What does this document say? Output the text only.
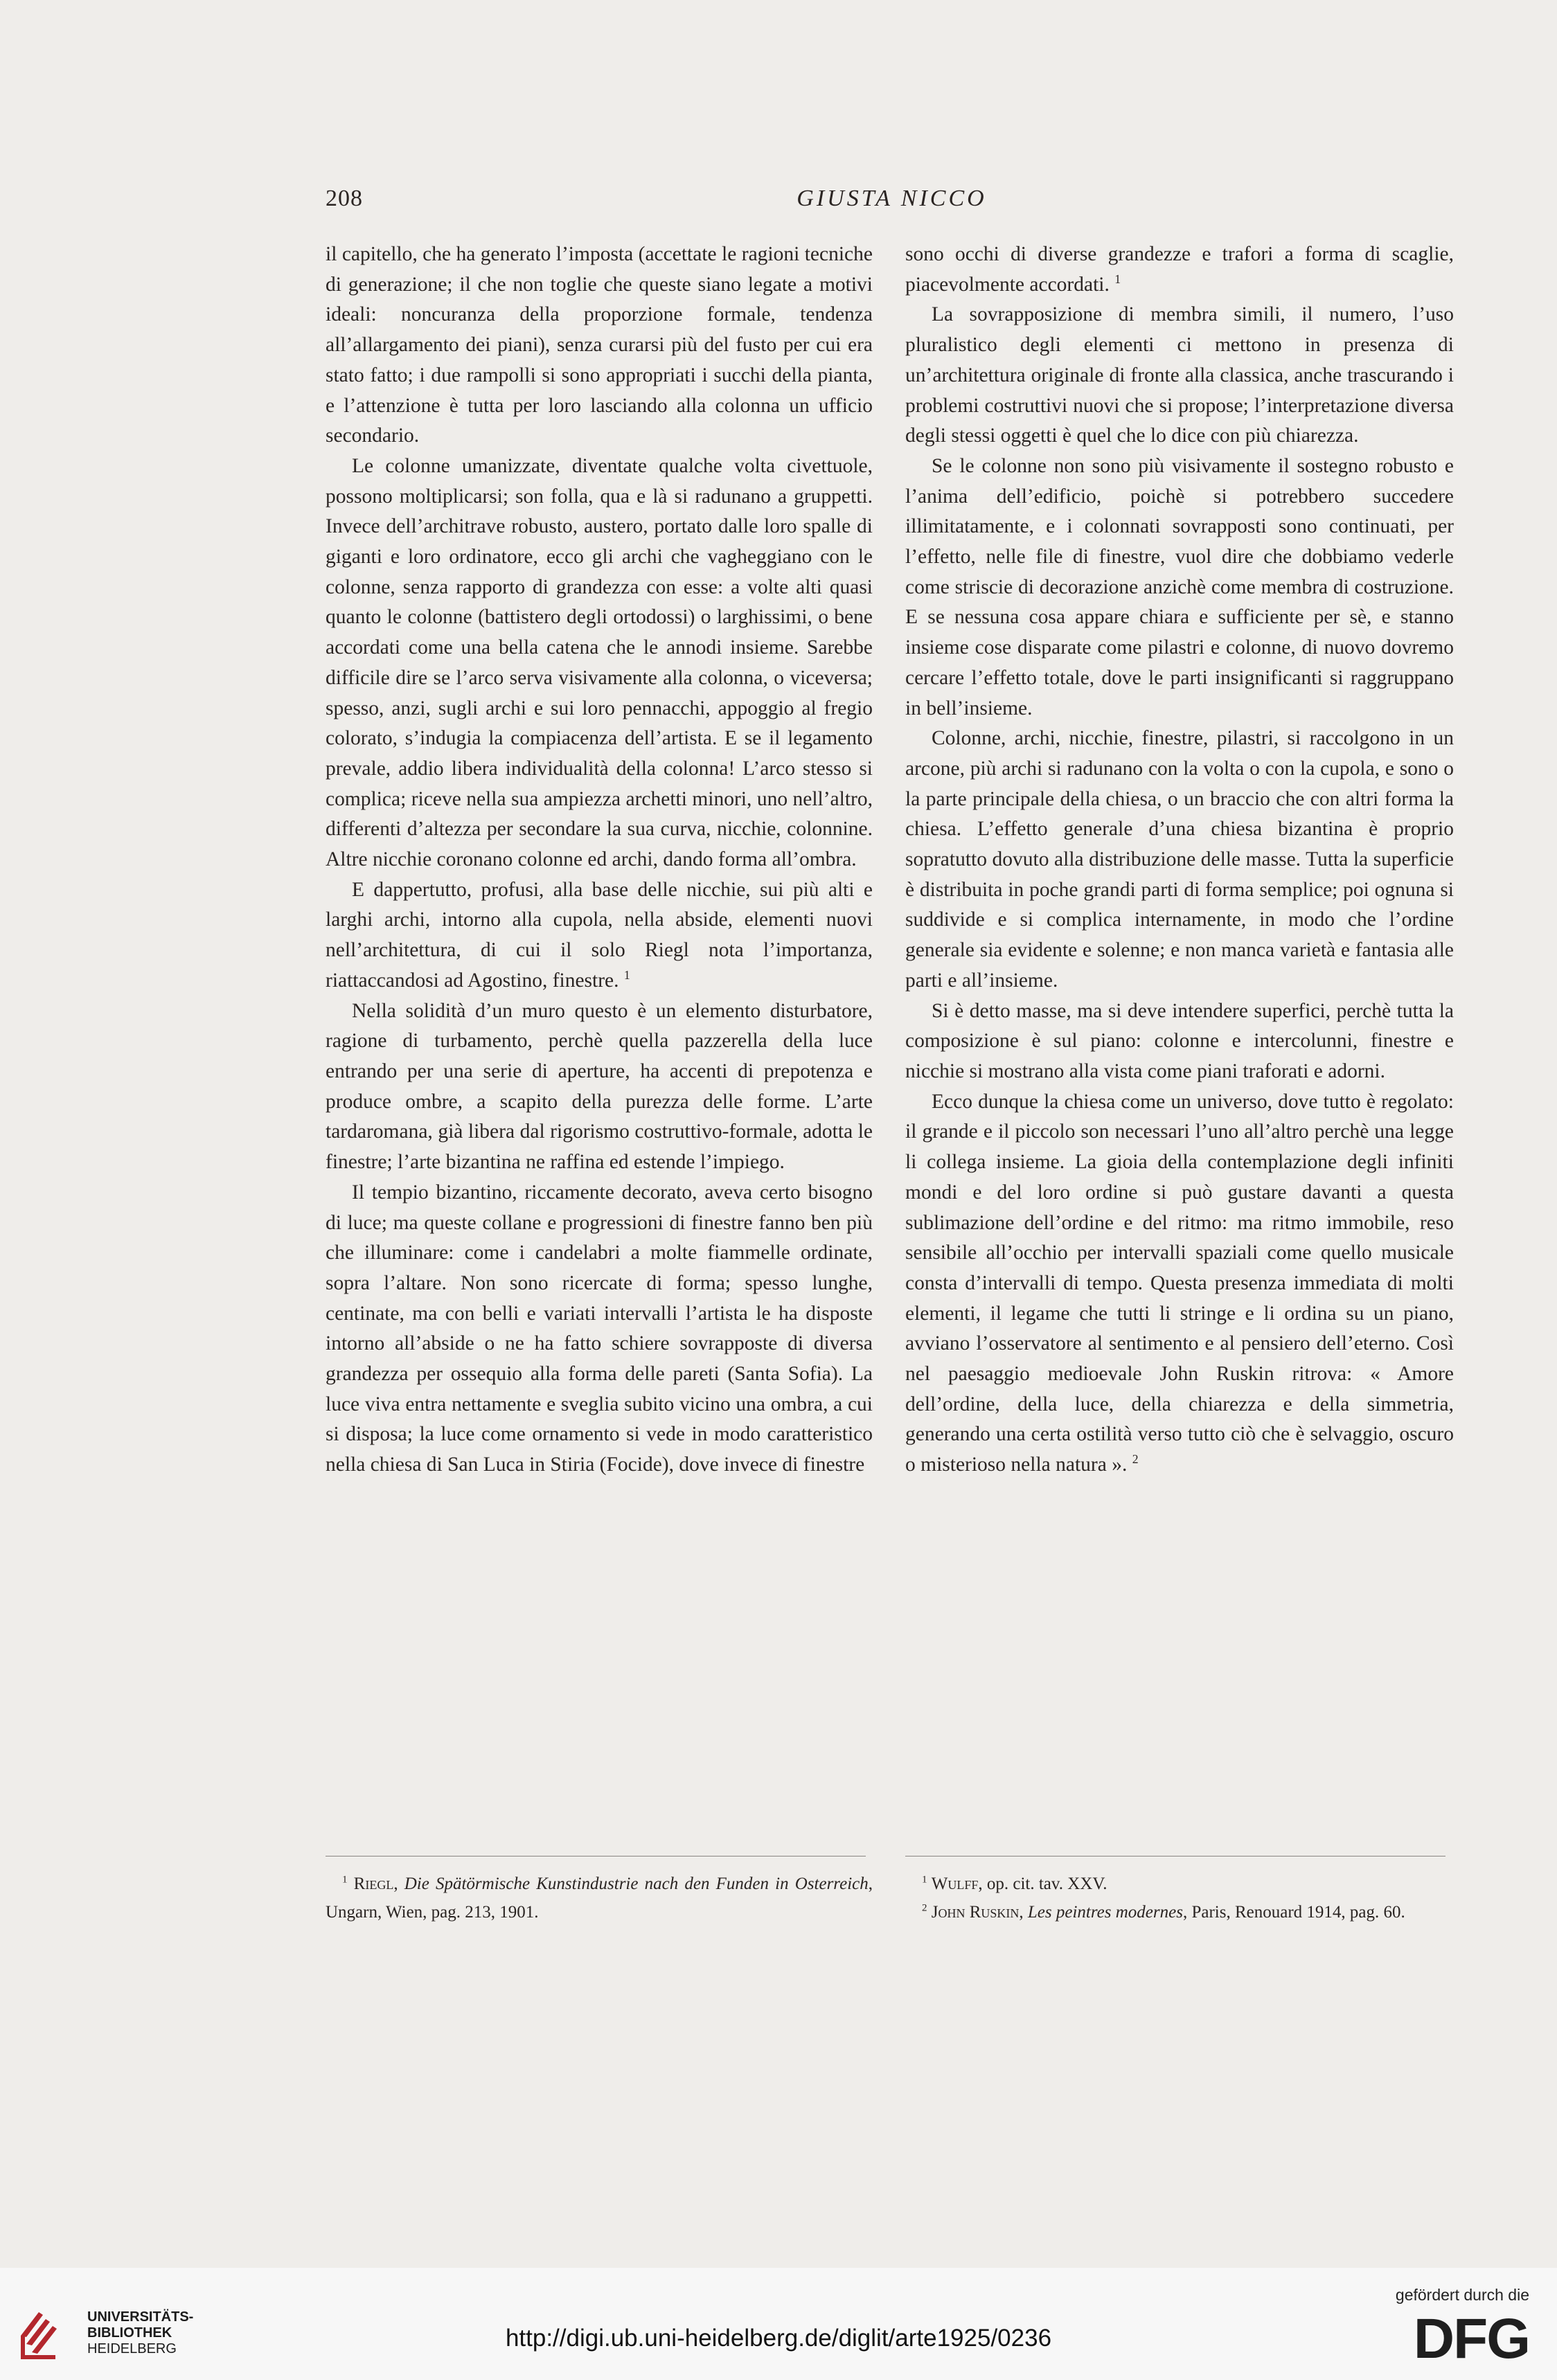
208	GIUSTA NICCO

il capitello, che ha generato l’imposta (accettate le ragioni tecniche di generazione; il che non toglie che queste siano legate a motivi ideali: noncuranza della proporzione formale, tendenza all’allargamento dei piani), senza curarsi più del fusto per cui era stato fatto; i due rampolli si sono appropriati i succhi della pianta, e l’attenzione è tutta per loro lasciando alla colonna un ufficio secondario.

Le colonne umanizzate, diventate qualche volta civettuole, possono moltiplicarsi; son folla, qua e là si radunano a gruppetti. Invece dell’architrave robusto, austero, portato dalle loro spalle di giganti e loro ordinatore, ecco gli archi che vagheggiano con le colonne, senza rapporto di grandezza con esse: a volte alti quasi quanto le colonne (battistero degli ortodossi) o larghissimi, o bene accordati come una bella catena che le annodi insieme. Sarebbe difficile dire se l’arco serva visivamente alla colonna, o viceversa; spesso, anzi, sugli archi e sui loro pennacchi, appoggio al fregio colorato, s’indugia la compiacenza dell’artista. E se il legamento prevale, addio libera individualità della colonna! L’arco stesso si complica; riceve nella sua ampiezza archetti minori, uno nell’altro, differenti d’altezza per secondare la sua curva, nicchie, colonnine. Altre nicchie coronano colonne ed archi, dando forma all’ombra.

E dappertutto, profusi, alla base delle nicchie, sui più alti e larghi archi, intorno alla cupola, nella abside, elementi nuovi nell’architettura, di cui il solo Riegl nota l’importanza, riattaccandosi ad Agostino, finestre. $^1$

Nella solidità d’un muro questo è un elemento disturbatore, ragione di turbamento, perchè quella pazzerella della luce entrando per una serie di aperture, ha accenti di prepotenza e produce ombre, a scapito della purezza delle forme. L’arte tardaromana, già libera dal rigorismo costruttivo-formale, adotta le finestre; l’arte bizantina ne raffina ed estende l’impiego.

Il tempio bizantino, riccamente decorato, aveva certo bisogno di luce; ma queste collane e progressioni di finestre fanno ben più che illuminare: come i candelabri a molte fiammelle ordinate, sopra l’altare. Non sono ricercate di forma; spesso lunghe, centinate, ma con belli e variati intervalli l’artista le ha disposte intorno all’abside o ne ha fatto schiere sovrapposte di diversa grandezza per ossequio alla forma delle pareti (Santa Sofia). La luce viva entra nettamente e sveglia subito vicino una ombra, a cui si disposa; la luce come ornamento si vede in modo caratteristico nella chiesa di San Luca in Stiria (Focide), dove invece di finestre

sono occhi di diverse grandezze e trafori a forma di scaglie, piacevolmente accordati. $^1$

La sovrapposizione di membra simili, il numero, l’uso pluralistico degli elementi ci mettono in presenza di un’architettura originale di fronte alla classica, anche trascurando i problemi costruttivi nuovi che si propose; l’interpretazione diversa degli stessi oggetti è quel che lo dice con più chiarezza.

Se le colonne non sono più visivamente il sostegno robusto e l’anima dell’edificio, poichè si potrebbero succedere illimitatamente, e i colonnati sovrapposti sono continuati, per l’effetto, nelle file di finestre, vuol dire che dobbiamo vederle come striscie di decorazione anzichè come membra di costruzione. E se nessuna cosa appare chiara e sufficiente per sè, e stanno insieme cose disparate come pilastri e colonne, di nuovo dovremo cercare l’effetto totale, dove le parti insignificanti si raggruppano in bell’insieme.

Colonne, archi, nicchie, finestre, pilastri, si raccolgono in un arcone, più archi si radunano con la volta o con la cupola, e sono o la parte principale della chiesa, o un braccio che con altri forma la chiesa. L’effetto generale d’una chiesa bizantina è proprio sopratutto dovuto alla distribuzione delle masse. Tutta la superficie è distribuita in poche grandi parti di forma semplice; poi ognuna si suddivide e si complica internamente, in modo che l’ordine generale sia evidente e solenne; e non manca varietà e fantasia alle parti e all’insieme.

Si è detto masse, ma si deve intendere superfici, perchè tutta la composizione è sul piano: colonne e intercolunni, finestre e nicchie si mostrano alla vista come piani traforati e adorni.

Ecco dunque la chiesa come un universo, dove tutto è regolato: il grande e il piccolo son necessari l’uno all’altro perchè una legge li collega insieme. La gioia della contemplazione degli infiniti mondi e del loro ordine si può gustare davanti a questa sublimazione dell’ordine e del ritmo: ma ritmo immobile, reso sensibile all’occhio per intervalli spaziali come quello musicale consta d’intervalli di tempo. Questa presenza immediata di molti elementi, il legame che tutti li stringe e li ordina su un piano, avviano l’osservatore al sentimento e al pensiero dell’eterno. Così nel paesaggio medioevale John Ruskin ritrova: « Amore dell’ordine, della luce, della chiarezza e della simmetria, generando una certa ostilità verso tutto ciò che è selvaggio, oscuro o misterioso nella natura ». $^2$

$^1$ Riegl, Die Spätörmische Kunstindustrie nach den Funden in Osterreich, Ungarn, Wien, pag. 213, 1901.

$^1$ Wulff, op. cit. tav. XXV.

$^2$ John Ruskin, Les peintres modernes, Paris, Renouard 1914, pag. 60.

UNIVERSITÄTS-
BIBLIOTHEK
HEIDELBERG	http://digi.ub.uni-heidelberg.de/diglit/arte1925/0236
gefördert durch die
DFG
